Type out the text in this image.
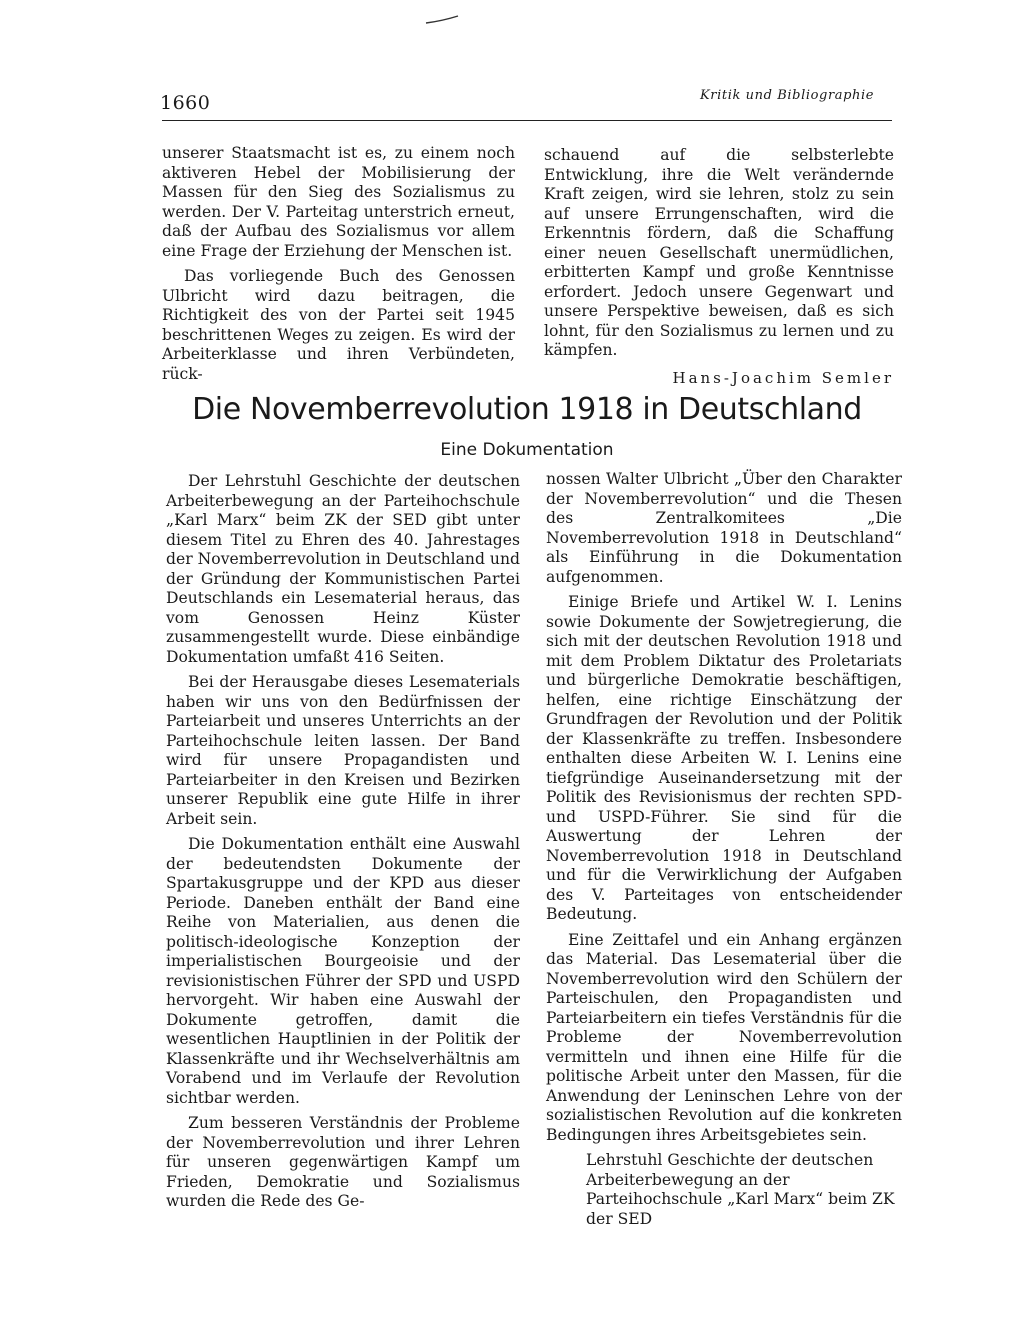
1660	Kritik und Bibliographie

unserer Staatsmacht ist es, zu einem noch aktiveren Hebel der Mobilisierung der Massen für den Sieg des Sozialismus zu werden. Der V. Parteitag unterstrich erneut, daß der Aufbau des Sozialismus vor allem eine Frage der Erziehung der Menschen ist.

Das vorliegende Buch des Genossen Ulbricht wird dazu beitragen, die Richtigkeit des von der Partei seit 1945 beschrittenen Weges zu zeigen. Es wird der Arbeiterklasse und ihren Verbündeten, rück-

schauend auf die selbsterlebte Entwicklung, ihre die Welt verändernde Kraft zeigen, wird sie lehren, stolz zu sein auf unsere Errungenschaften, wird die Erkenntnis fördern, daß die Schaffung einer neuen Gesellschaft unermüdlichen, erbitterten Kampf und große Kenntnisse erfordert. Jedoch unsere Gegenwart und unsere Perspektive beweisen, daß es sich lohnt, für den Sozialismus zu lernen und zu kämpfen.

Hans-Joachim Semler
Die Novemberrevolution 1918 in Deutschland
Eine Dokumentation

Der Lehrstuhl Geschichte der deutschen Arbeiterbewegung an der Parteihochschule „Karl Marx“ beim ZK der SED gibt unter diesem Titel zu Ehren des 40. Jahrestages der Novemberrevolution in Deutschland und der Gründung der Kommunistischen Partei Deutschlands ein Lesematerial heraus, das vom Genossen Heinz Küster zusammengestellt wurde. Diese einbändige Dokumentation umfaßt 416 Seiten.

Bei der Herausgabe dieses Lesematerials haben wir uns von den Bedürfnissen der Parteiarbeit und unseres Unterrichts an der Parteihochschule leiten lassen. Der Band wird für unsere Propagandisten und Parteiarbeiter in den Kreisen und Bezirken unserer Republik eine gute Hilfe in ihrer Arbeit sein.

Die Dokumentation enthält eine Auswahl der bedeutendsten Dokumente der Spartakusgruppe und der KPD aus dieser Periode. Daneben enthält der Band eine Reihe von Materialien, aus denen die politisch-ideologische Konzeption der imperialistischen Bourgeoisie und der revisionistischen Führer der SPD und USPD hervorgeht. Wir haben eine Auswahl der Dokumente getroffen, damit die wesentlichen Hauptlinien in der Politik der Klassenkräfte und ihr Wechselverhältnis am Vorabend und im Verlaufe der Revolution sichtbar werden.

Zum besseren Verständnis der Probleme der Novemberrevolution und ihrer Lehren für unseren gegenwärtigen Kampf um Frieden, Demokratie und Sozialismus wurden die Rede des Ge-

nossen Walter Ulbricht „Über den Charakter der Novemberrevolution“ und die Thesen des Zentralkomitees „Die Novemberrevolution 1918 in Deutschland“ als Einführung in die Dokumentation aufgenommen.

Einige Briefe und Artikel W. I. Lenins sowie Dokumente der Sowjetregierung, die sich mit der deutschen Revolution 1918 und mit dem Problem Diktatur des Proletariats und bürgerliche Demokratie beschäftigen, helfen, eine richtige Einschätzung der Grundfragen der Revolution und der Politik der Klassenkräfte zu treffen. Insbesondere enthalten diese Arbeiten W. I. Lenins eine tiefgründige Auseinandersetzung mit der Politik des Revisionismus der rechten SPD- und USPD-Führer. Sie sind für die Auswertung der Lehren der Novemberrevolution 1918 in Deutschland und für die Verwirklichung der Aufgaben des V. Parteitages von entscheidender Bedeutung.

Eine Zeittafel und ein Anhang ergänzen das Material. Das Lesematerial über die Novemberrevolution wird den Schülern der Parteischulen, den Propagandisten und Parteiarbeitern ein tiefes Verständnis für die Probleme der Novemberrevolution vermitteln und ihnen eine Hilfe für die politische Arbeit unter den Massen, für die Anwendung der Leninschen Lehre von der sozialistischen Revolution auf die konkreten Bedingungen ihres Arbeitsgebietes sein.

Lehrstuhl Geschichte der deutschen Arbeiterbewegung an der Parteihochschule „Karl Marx“ beim ZK der SED
